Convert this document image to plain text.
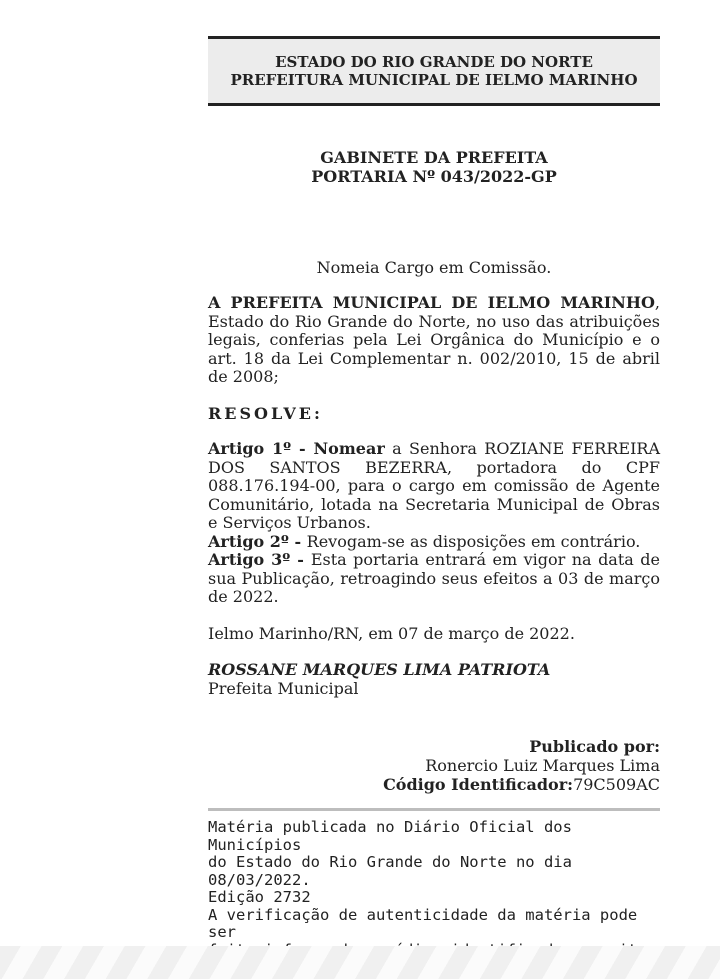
ESTADO DO RIO GRANDE DO NORTE
PREFEITURA MUNICIPAL DE IELMO MARINHO
GABINETE DA PREFEITA
PORTARIA Nº 043/2022-GP
Nomeia Cargo em Comissão.

A PREFEITA MUNICIPAL DE IELMO MARINHO, Estado do Rio Grande do Norte, no uso das atribuições legais, conferias pela Lei Orgânica do Município e o art. 18 da Lei Complementar n. 002/2010, 15 de abril de 2008;

RESOLVE:

Artigo 1º - Nomear a Senhora ROZIANE FERREIRA DOS SANTOS BEZERRA, portadora do CPF 088.176.194-00, para o cargo em comissão de Agente Comunitário, lotada na Secretaria Municipal de Obras e Serviços Urbanos.

Artigo 2º - Revogam-se as disposições em contrário.

Artigo 3º - Esta portaria entrará em vigor na data de sua Publicação, retroagindo seus efeitos a 03 de março de 2022.

Ielmo Marinho/RN, em 07 de março de 2022.

ROSSANE MARQUES LIMA PATRIOTA

Prefeita Municipal

Publicado por:
Ronercio Luiz Marques Lima
Código Identificador:79C509AC
Matéria publicada no Diário Oficial dos Municípios
do Estado do Rio Grande do Norte no dia 08/03/2022.
Edição 2732
A verificação de autenticidade da matéria pode ser
